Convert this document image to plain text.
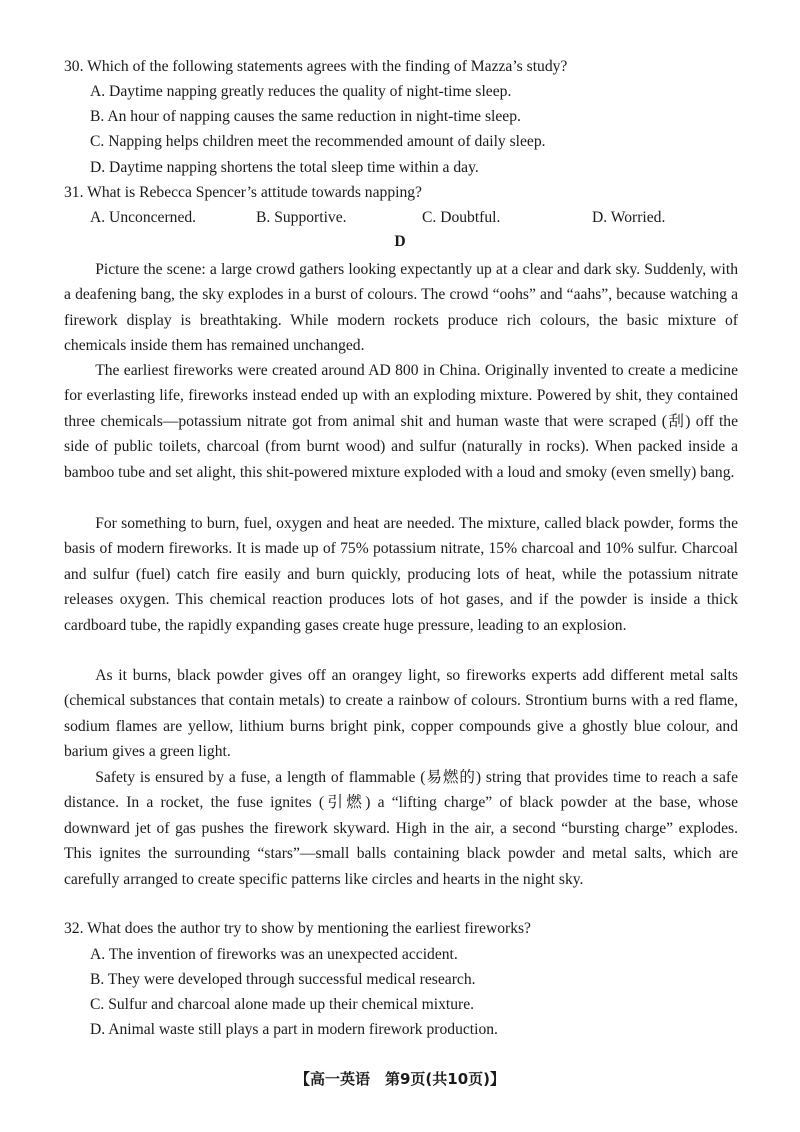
30. Which of the following statements agrees with the finding of Mazza’s study?
A. Daytime napping greatly reduces the quality of night-time sleep.
B. An hour of napping causes the same reduction in night-time sleep.
C. Napping helps children meet the recommended amount of daily sleep.
D. Daytime napping shortens the total sleep time within a day.
31. What is Rebecca Spencer’s attitude towards napping?
A. Unconcerned.	B. Supportive.	C. Doubtful.	D. Worried.
D

Picture the scene: a large crowd gathers looking expectantly up at a clear and dark sky. Suddenly, with a deafening bang, the sky explodes in a burst of colours. The crowd “oohs” and “aahs”, because watching a firework display is breathtaking. While modern rockets produce rich colours, the basic mixture of chemicals inside them has remained unchanged.

The earliest fireworks were created around AD 800 in China. Originally invented to create a medicine for everlasting life, fireworks instead ended up with an exploding mixture. Powered by shit, they contained three chemicals—potassium nitrate got from animal shit and human waste that were scraped (刮) off the side of public toilets, charcoal (from burnt wood) and sulfur (naturally in rocks). When packed inside a bamboo tube and set alight, this shit-powered mixture exploded with a loud and smoky (even smelly) bang.

For something to burn, fuel, oxygen and heat are needed. The mixture, called black powder, forms the basis of modern fireworks. It is made up of 75% potassium nitrate, 15% charcoal and 10% sulfur. Charcoal and sulfur (fuel) catch fire easily and burn quickly, producing lots of heat, while the potassium nitrate releases oxygen. This chemical reaction produces lots of hot gases, and if the powder is inside a thick cardboard tube, the rapidly expanding gases create huge pressure, leading to an explosion.

As it burns, black powder gives off an orangey light, so fireworks experts add different metal salts (chemical substances that contain metals) to create a rainbow of colours. Strontium burns with a red flame, sodium flames are yellow, lithium burns bright pink, copper compounds give a ghostly blue colour, and barium gives a green light.

Safety is ensured by a fuse, a length of flammable (易燃的) string that provides time to reach a safe distance. In a rocket, the fuse ignites (引燃) a “lifting charge” of black powder at the base, whose downward jet of gas pushes the firework skyward. High in the air, a second “bursting charge” explodes. This ignites the surrounding “stars”—small balls containing black powder and metal salts, which are carefully arranged to create specific patterns like circles and hearts in the night sky.

32. What does the author try to show by mentioning the earliest fireworks?
A. The invention of fireworks was an unexpected accident.
B. They were developed through successful medical research.
C. Sulfur and charcoal alone made up their chemical mixture.
D. Animal waste still plays a part in modern firework production.
【高一英语　第9页(共10页)】
